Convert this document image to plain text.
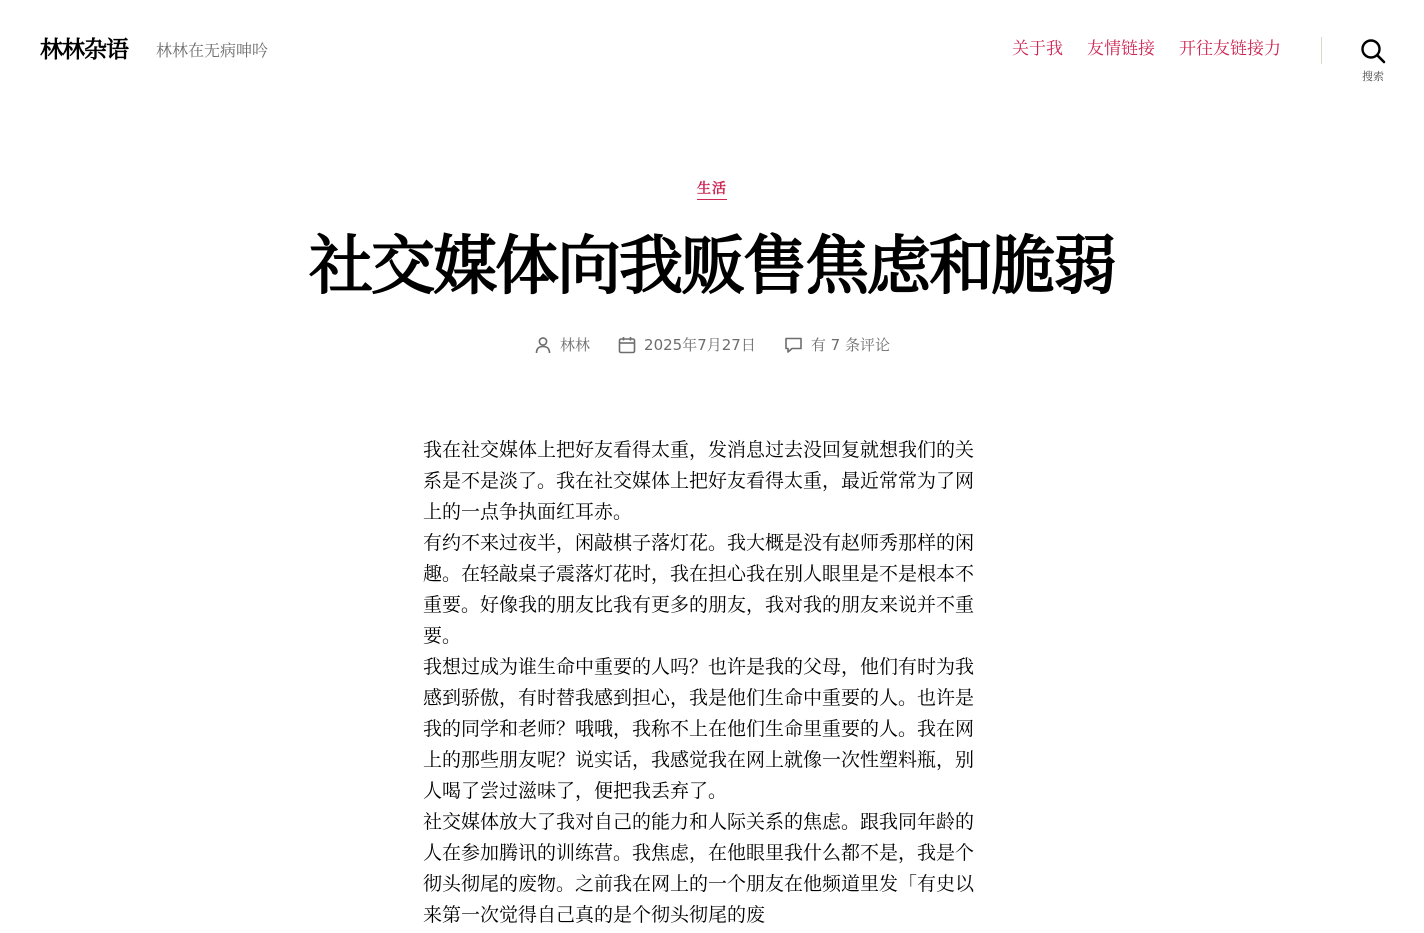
林林杂语 林林在无病呻吟	关于我 友情链接 开往友链接力
搜索
生活
社交媒体向我贩售焦虑和脆弱
林林	2025年7月27日	有 7 条评论

我在社交媒体上把好友看得太重，发消息过去没回复就想我们的关系是不是淡了。我在社交媒体上把好友看得太重，最近常常为了网上的一点争执面红耳赤。

有约不来过夜半，闲敲棋子落灯花。我大概是没有赵师秀那样的闲趣。在轻敲桌子震落灯花时，我在担心我在别人眼里是不是根本不重要。好像我的朋友比我有更多的朋友，我对我的朋友来说并不重要。

我想过成为谁生命中重要的人吗？也许是我的父母，他们有时为我感到骄傲，有时替我感到担心，我是他们生命中重要的人。也许是我的同学和老师？哦哦，我称不上在他们生命里重要的人。我在网上的那些朋友呢？说实话，我感觉我在网上就像一次性塑料瓶，别人喝了尝过滋味了，便把我丢弃了。

社交媒体放大了我对自己的能力和人际关系的焦虑。跟我同年龄的人在参加腾讯的训练营。我焦虑，在他眼里我什么都不是，我是个彻头彻尾的废物。之前我在网上的一个朋友在他频道里发「有史以来第一次觉得自己真的是个彻头彻尾的废
